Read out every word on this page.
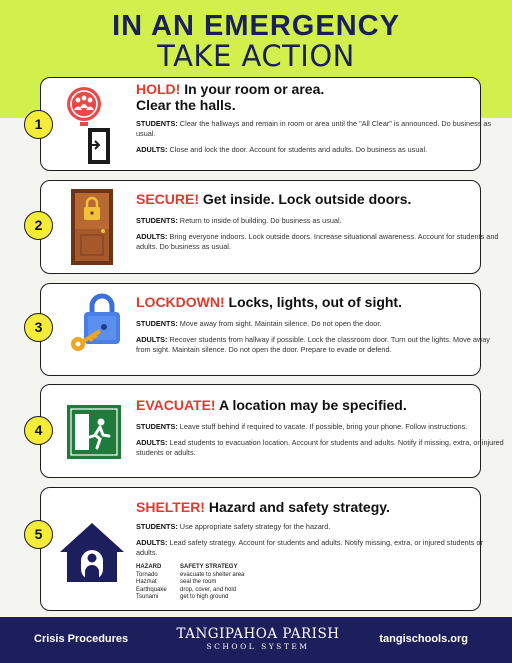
IN AN EMERGENCY
TAKE ACTION
1

HOLD! In your room or area.
Clear the halls.

STUDENTS: Clear the hallways and remain in room or area until the "All Clear" is announced. Do business as usual.

ADULTS: Close and lock the door. Account for students and adults. Do business as usual.

2

SECURE! Get inside. Lock outside doors.

STUDENTS: Return to inside of building. Do business as usual.

ADULTS: Bring everyone indoors. Lock outside doors. Increase situational awareness. Account for students and adults. Do business as usual.

3

LOCKDOWN! Locks, lights, out of sight.

STUDENTS: Move away from sight. Maintain silence. Do not open the door.

ADULTS: Recover students from hallway if possible. Lock the classroom door. Turn out the lights. Move away from sight. Maintain silence. Do not open the door. Prepare to evade or defend.

4

EVACUATE! A location may be specified.

STUDENTS: Leave stuff behind if required to vacate. If possible, bring your phone. Follow instructions.

ADULTS: Lead students to evacuation location. Account for students and adults. Notify if missing, extra, or injured students or adults.

5

SHELTER! Hazard and safety strategy.

STUDENTS: Use appropriate safety strategy for the hazard.

ADULTS: Lead safety strategy. Account for students and adults. Notify missing, extra, or injured students or adults.

HAZARD	SAFETY STRATEGY
Tornado	evacuate to shelter area
Hazmat	seal the room
Earthquake	drop, cover, and hold
Tsunami	get to high ground
Crisis Procedures	TANGIPAHOA PARISH
SCHOOL SYSTEM
tangischools.org
